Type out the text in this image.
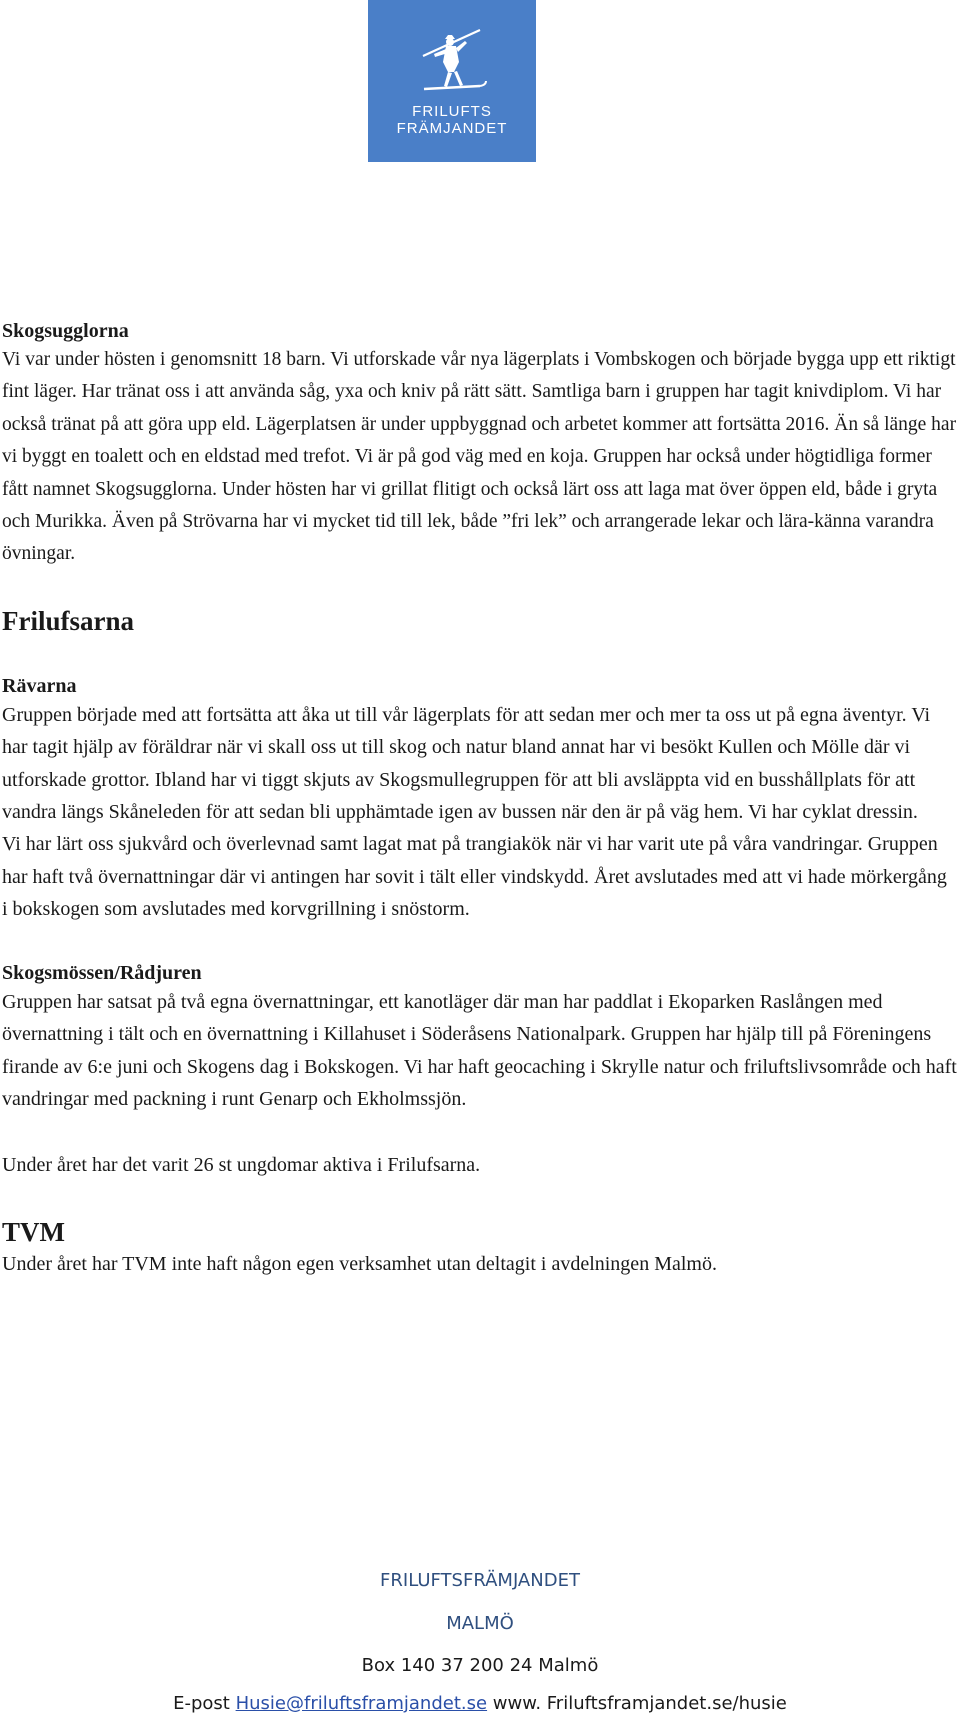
FRILUFTS
FRÄMJANDET
Skogsugglorna

Vi var under hösten i genomsnitt 18 barn. Vi utforskade vår nya lägerplats i Vombskogen och började bygga upp ett riktigt fint läger. Har tränat oss i att använda såg, yxa och kniv på rätt sätt. Samtliga barn i gruppen har tagit knivdiplom. Vi har också tränat på att göra upp eld. Lägerplatsen är under uppbyggnad och arbetet kommer att fortsätta 2016. Än så länge har vi byggt en toalett och en eldstad med trefot. Vi är på god väg med en koja. Gruppen har också under högtidliga former fått namnet Skogsugglorna. Under hösten har vi grillat flitigt och också lärt oss att laga mat över öppen eld, både i gryta och Murikka. Även på Strövarna har vi mycket tid till lek, både ”fri lek” och arrangerade lekar och lära-känna varandra övningar.

Frilufsarna
Rävarna

Gruppen började med att fortsätta att åka ut till vår lägerplats för att sedan mer och mer ta oss ut på egna äventyr. Vi har tagit hjälp av föräldrar när vi skall oss ut till skog och natur bland annat har vi besökt Kullen och Mölle där vi utforskade grottor. Ibland har vi tiggt skjuts av Skogsmullegruppen för att bli avsläppta vid en busshållplats för att vandra längs Skåneleden för att sedan bli upphämtade igen av bussen när den är på väg hem. Vi har cyklat dressin.

Vi har lärt oss sjukvård och överlevnad samt lagat mat på trangiakök när vi har varit ute på våra vandringar. Gruppen har haft två övernattningar där vi antingen har sovit i tält eller vindskydd. Året avslutades med att vi hade mörkergång i bokskogen som avslutades med korvgrillning i snöstorm.

Skogsmössen/Rådjuren

Gruppen har satsat på två egna övernattningar, ett kanotläger där man har paddlat i Ekoparken Raslången med övernattning i tält och en övernattning i Killahuset i Söderåsens Nationalpark. Gruppen har hjälp till på Föreningens firande av 6:e juni och Skogens dag i Bokskogen. Vi har haft geocaching i Skrylle natur och friluftslivsområde och haft vandringar med packning i runt Genarp och Ekholmssjön.

Under året har det varit 26 st ungdomar aktiva i Frilufsarna.

TVM

Under året har TVM inte haft någon egen verksamhet utan deltagit i avdelningen Malmö.

FRILUFTSFRÄMJANDET
MALMÖ
Box 140 37 200 24 Malmö
E-post Husie@friluftsframjandet.se www. Friluftsframjandet.se/husie
